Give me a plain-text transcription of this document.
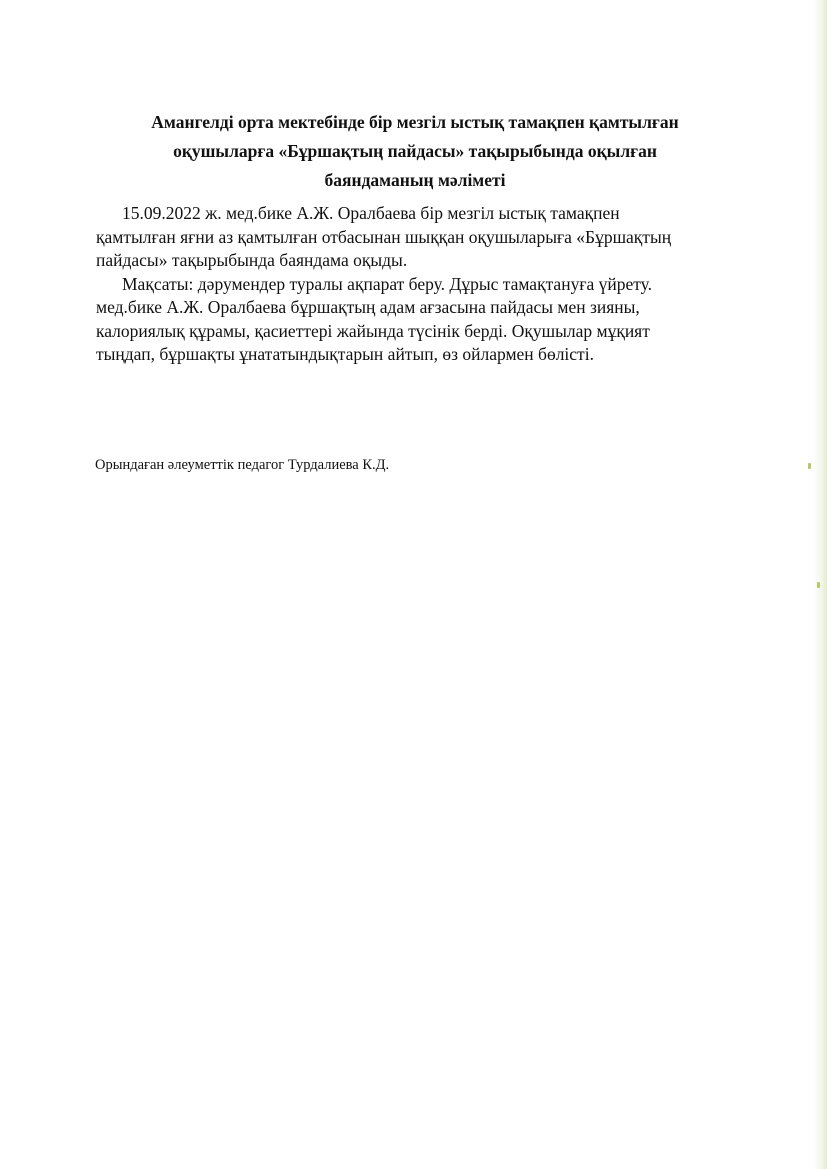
Амангелді орта мектебінде бір мезгіл ыстық тамақпен қамтылған
оқушыларға «Бұршақтың пайдасы» тақырыбында оқылған
баяндаманың мәліметі
15.09.2022 ж. мед.бике А.Ж. Оралбаева бір мезгіл ыстық тамақпен
қамтылған яғни аз қамтылған отбасынан шыққан оқушыларыға «Бұршақтың
пайдасы» тақырыбында баяндама оқыды.
Мақсаты: дәрумендер туралы ақпарат беру. Дұрыс тамақтануға үйрету.
мед.бике А.Ж. Оралбаева бұршақтың адам ағзасына пайдасы мен зияны,
калориялық құрамы, қасиеттері жайында түсінік берді. Оқушылар мұқият
тыңдап, бұршақты ұнататындықтарын айтып, өз ойлармен бөлісті.
Орындаған әлеуметтік педагог Турдалиева К.Д.
